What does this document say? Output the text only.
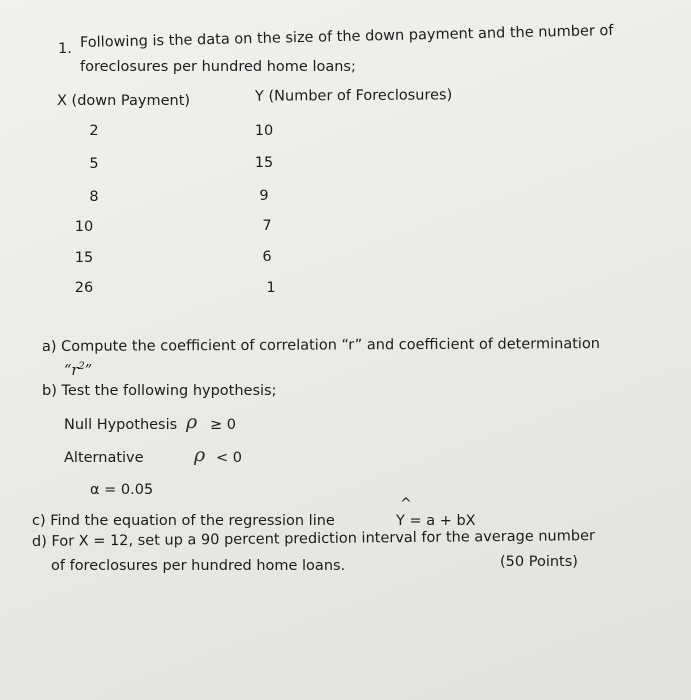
1. Following is the data on the size of the down payment and the number of
foreclosures per hundred home loans;
X (down Payment)	Y (Number of Foreclosures)
2	10
5	15
8	9
10	7
15	6
26	1
a) Compute the coefficient of correlation “r” and coefficient of determination
“$r^2$”
b) Test the following hypothesis;
Null Hypothesis ρ ≥ 0
Alternative	ρ < 0
α = 0.05
c) Find the equation of the regression line
^
Y = a + bX
d) For X = 12, set up a 90 percent prediction interval for the average number
of foreclosures per hundred home loans.	(50 Points)
